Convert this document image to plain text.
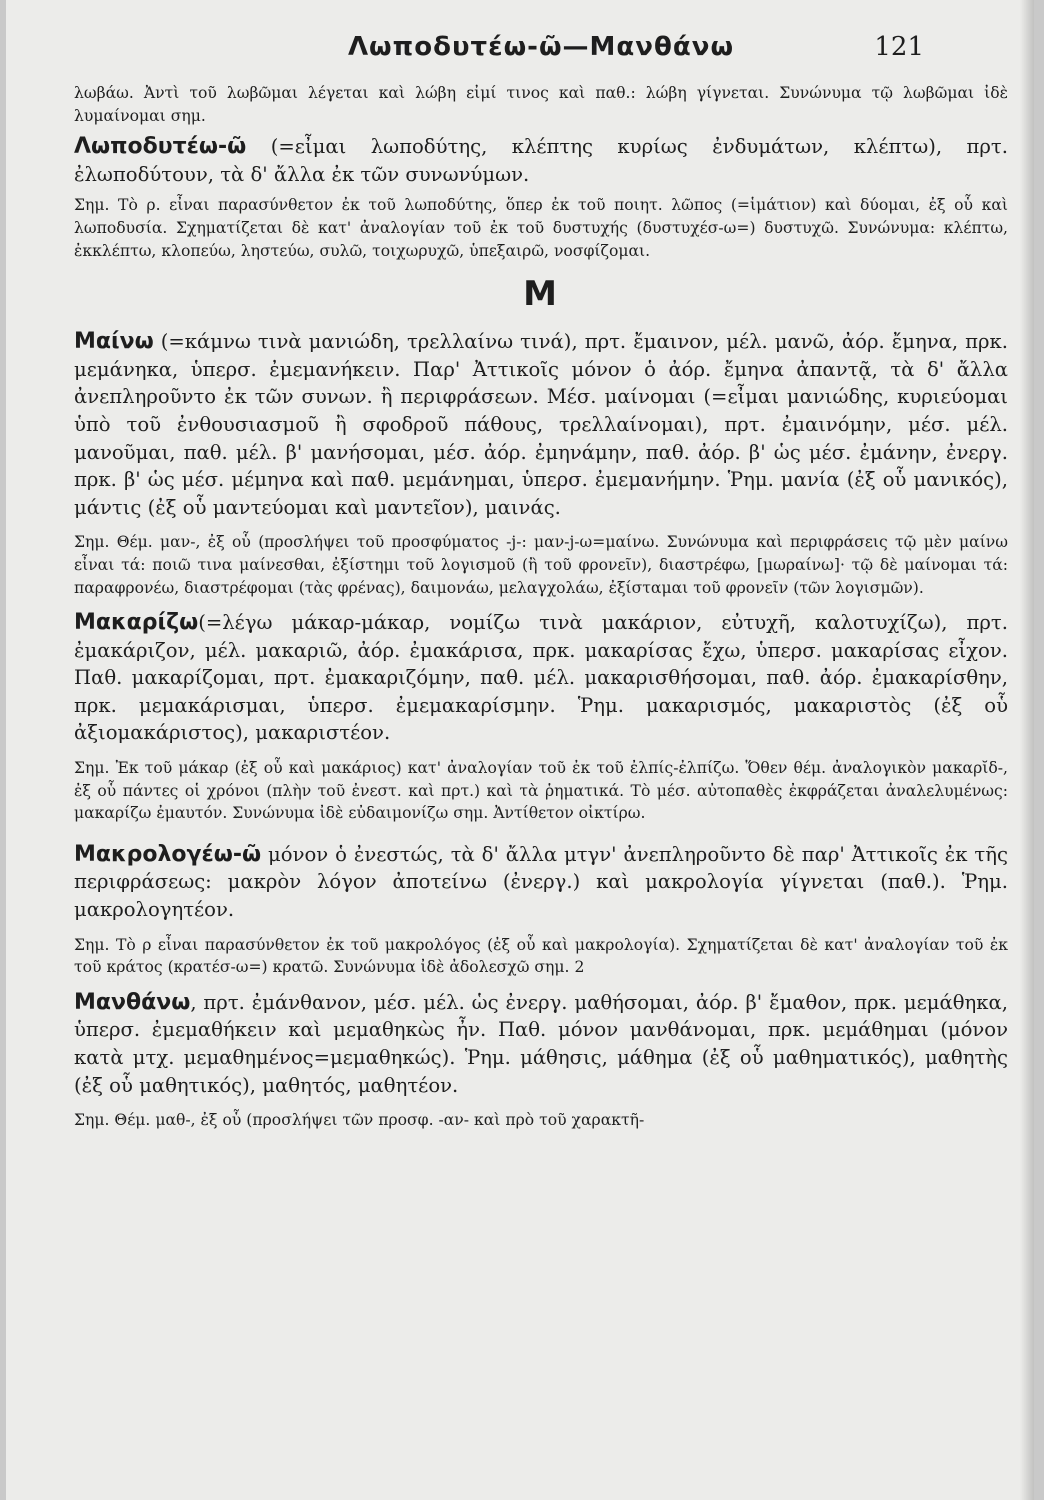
Λωποδυτέω-ῶ—Μανθάνω	121

λωβάω. Ἀντὶ τοῦ λωβῶμαι λέγεται καὶ λώβη εἰμί τινος καὶ παθ.: λώβη γίγνεται. Συνώνυμα τῷ λωβῶμαι ἰδὲ λυμαίνομαι σημ.

Λωποδυτέω-ῶ (=εἶμαι λωποδύτης, κλέπτης κυρίως ἐνδυμάτων, κλέπτω), πρτ. ἐλωποδύτουν, τὰ δ' ἄλλα ἐκ τῶν συνωνύμων.

Σημ. Τὸ ρ. εἶναι παρασύνθετον ἐκ τοῦ λωποδύτης, ὅπερ ἐκ τοῦ ποιητ. λῶπος (=ἱμάτιον) καὶ δύομαι, ἐξ οὗ καὶ λωποδυσία. Σχηματίζεται δὲ κατ' ἀναλογίαν τοῦ ἐκ τοῦ δυστυχής (δυστυχέσ-ω=) δυστυχῶ. Συνώνυμα: κλέπτω, ἐκκλέπτω, κλοπεύω, ληστεύω, συλῶ, τοιχωρυχῶ, ὑπεξαιρῶ, νοσφίζομαι.

Μ

Μαίνω (=κάμνω τινὰ μανιώδη, τρελλαίνω τινά), πρτ. ἔμαινον, μέλ. μανῶ, ἀόρ. ἔμηνα, πρκ. μεμάνηκα, ὑπερσ. ἐμεμανήκειν. Παρ' Ἀττικοῖς μόνον ὁ ἀόρ. ἔμηνα ἀπαντᾷ, τὰ δ' ἄλλα ἀνεπληροῦντο ἐκ τῶν συνων. ἢ περιφράσεων. Μέσ. μαίνομαι (=εἶμαι μανιώδης, κυριεύομαι ὑπὸ τοῦ ἐνθουσιασμοῦ ἢ σφοδροῦ πάθους, τρελλαίνομαι), πρτ. ἐμαινόμην, μέσ. μέλ. μανοῦμαι, παθ. μέλ. β' μανήσομαι, μέσ. ἀόρ. ἐμηνάμην, παθ. ἀόρ. β' ὡς μέσ. ἐμάνην, ἐνεργ. πρκ. β' ὡς μέσ. μέμηνα καὶ παθ. μεμάνημαι, ὑπερσ. ἐμεμανήμην. Ῥημ. μανία (ἐξ οὗ μανικός), μάντις (ἐξ οὗ μαντεύομαι καὶ μαντεῖον), μαινάς.

Σημ. Θέμ. μαν-, ἐξ οὗ (προσλήψει τοῦ προσφύματος -j-: μαν-j-ω=μαίνω. Συνώνυμα καὶ περιφράσεις τῷ μὲν μαίνω εἶναι τά: ποιῶ τινα μαίνεσθαι, ἐξίστημι τοῦ λογισμοῦ (ἢ τοῦ φρονεῖν), διαστρέφω, [μωραίνω]· τῷ δὲ μαίνομαι τά: παραφρονέω, διαστρέφομαι (τὰς φρένας), δαιμονάω, μελαγχολάω, ἐξίσταμαι τοῦ φρονεῖν (τῶν λογισμῶν).

Μακαρίζω(=λέγω μάκαρ-μάκαρ, νομίζω τινὰ μακάριον, εὐτυχῆ, καλοτυχίζω), πρτ. ἐμακάριζον, μέλ. μακαριῶ, ἀόρ. ἐμακάρισα, πρκ. μακαρίσας ἔχω, ὑπερσ. μακαρίσας εἶχον. Παθ. μακαρίζομαι, πρτ. ἐμακαριζόμην, παθ. μέλ. μακαρισθήσομαι, παθ. ἀόρ. ἐμακαρίσθην, πρκ. μεμακάρισμαι, ὑπερσ. ἐμεμακαρίσμην. Ῥημ. μακαρισμός, μακαριστὸς (ἐξ οὗ ἀξιομακάριστος), μακαριστέον.

Σημ. Ἐκ τοῦ μάκαρ (ἐξ οὗ καὶ μακάριος) κατ' ἀναλογίαν τοῦ ἐκ τοῦ ἐλπίς-ἐλπίζω. Ὅθεν θέμ. ἀναλογικὸν μακαρῐδ-, ἐξ οὗ πάντες οἱ χρόνοι (πλὴν τοῦ ἐνεστ. καὶ πρτ.) καὶ τὰ ῥηματικά. Τὸ μέσ. αὐτοπαθὲς ἐκφράζεται ἀναλελυμένως: μακαρίζω ἐμαυτόν. Συνώνυμα ἰδὲ εὐδαιμονίζω σημ. Ἀντίθετον οἰκτίρω.

Μακρολογέω-ῶ μόνον ὁ ἐνεστώς, τὰ δ' ἄλλα μτγν' ἀνεπληροῦντο δὲ παρ' Ἀττικοῖς ἐκ τῆς περιφράσεως: μακρὸν λόγον ἀποτείνω (ἐνεργ.) καὶ μακρολογία γίγνεται (παθ.). Ῥημ. μακρολογητέον.

Σημ. Τὸ ρ εἶναι παρασύνθετον ἐκ τοῦ μακρολόγος (ἐξ οὗ καὶ μακρολογία). Σχηματίζεται δὲ κατ' ἀναλογίαν τοῦ ἐκ τοῦ κράτος (κρατέσ-ω=) κρατῶ. Συνώνυμα ἰδὲ ἀδολεσχῶ σημ. 2

Μανθάνω, πρτ. ἐμάνθανον, μέσ. μέλ. ὡς ἐνεργ. μαθήσομαι, ἀόρ. β' ἔμαθον, πρκ. μεμάθηκα, ὑπερσ. ἐμεμαθήκειν καὶ μεμαθηκὼς ἦν. Παθ. μόνον μανθάνομαι, πρκ. μεμάθημαι (μόνον κατὰ μτχ. μεμαθημένος=μεμαθηκώς). Ῥημ. μάθησις, μάθημα (ἐξ οὗ μαθηματικός), μαθητὴς (ἐξ οὗ μαθητικός), μαθητός, μαθητέον.

Σημ. Θέμ. μαθ-, ἐξ οὗ (προσλήψει τῶν προσφ. -αν- καὶ πρὸ τοῦ χαρακτῆ-
